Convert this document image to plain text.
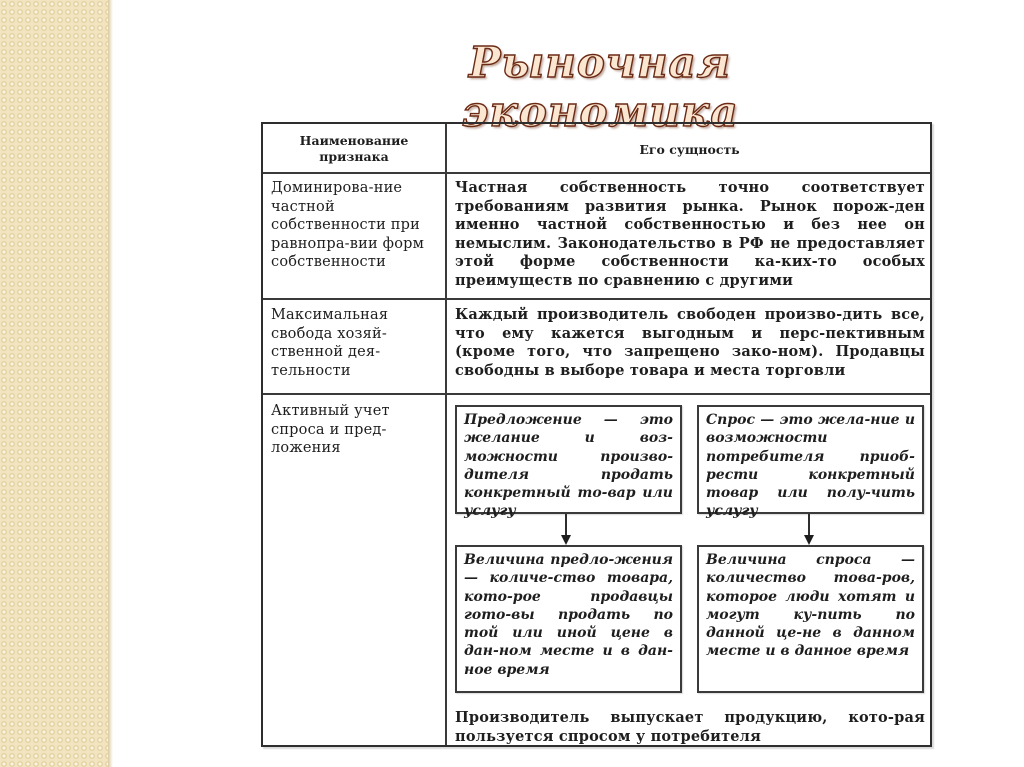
Рыночная экономика
Наименование признака	Его сущность
Доминирова-ние частной собственности при равнопра-вии форм собственности
Частная собственность точно соответствует требованиям развития рынка. Рынок порож-ден именно частной собственностью и без нее он немыслим. Законодательство в РФ не предоставляет этой форме собственности ка-ких-то особых преимуществ по сравнению с другими
Максимальная свобода хозяй-ственной дея-тельности
Каждый производитель свободен произво-дить все, что ему кажется выгодным и перс-пективным (кроме того, что запрещено зако-ном). Продавцы свободны в выборе товара и места торговли
Активный учет спроса и пред-ложения
Предложение — это желание и воз-можности произво-дителя продать конкретный то-вар или услугу
Спрос — это жела-ние и возможности потребителя приоб-рести конкретный товар или полу-чить услугу
Величина предло-жения — количе-ство товара, кото-рое продавцы гото-вы продать по той или иной цене в дан-ном месте и в дан-ное время
Величина спроса — количество това-ров, которое люди хотят и могут ку-пить по данной це-не в данном месте и в данное время
Производитель выпускает продукцию, кото-рая пользуется спросом у потребителя
